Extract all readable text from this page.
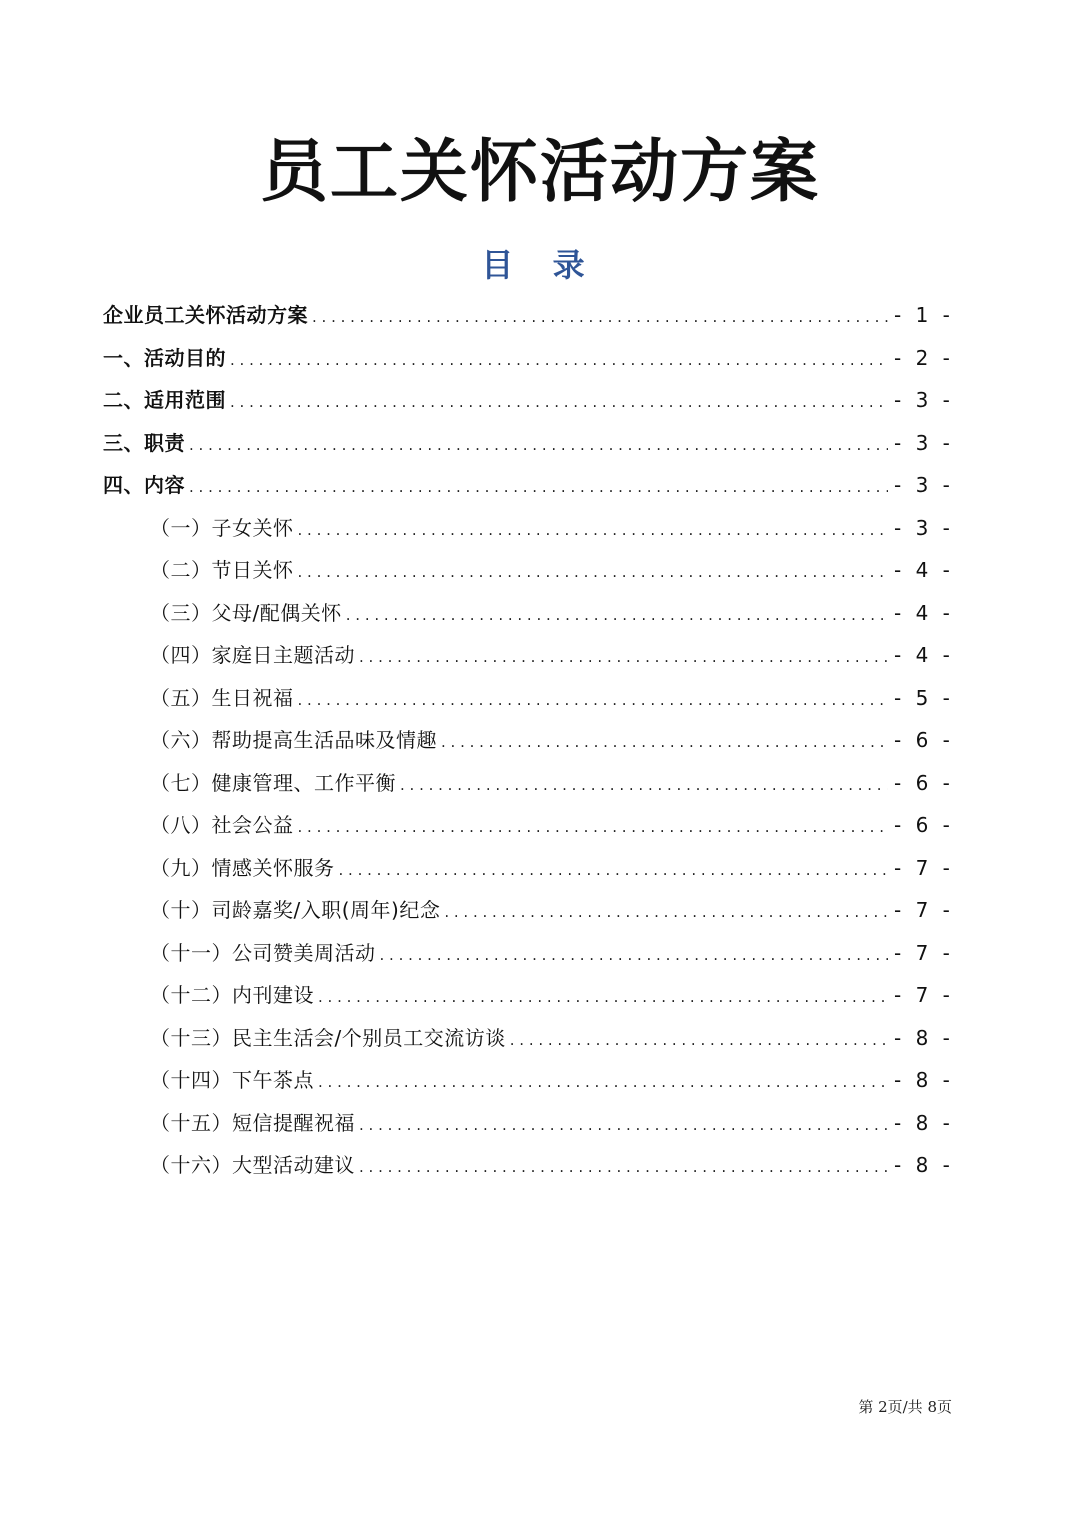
员工关怀活动方案
目 录
企业员工关怀活动方案 . . .	- 1 -
一、活动目的 . . .	- 2 -
二、适用范围 . . .	- 3 -
三、职责 . . .	- 3 -
四、内容 . . .	- 3 -
（一）子女关怀 . . .	- 3 -
（二）节日关怀 . . .	- 4 -
（三）父母/配偶关怀 . . .	- 4 -
（四）家庭日主题活动 . . .	- 4 -
（五）生日祝福 . . .	- 5 -
（六）帮助提高生活品味及情趣 . . .	- 6 -
（七）健康管理、工作平衡 . . .	- 6 -
（八）社会公益 . . .	- 6 -
（九）情感关怀服务 . . .	- 7 -
（十）司龄嘉奖/入职(周年)纪念 . . .	- 7 -
（十一）公司赞美周活动 . . .	- 7 -
（十二）内刊建设 . . .	- 7 -
（十三）民主生活会/个别员工交流访谈 . . .	- 8 -
（十四）下午茶点 . . .	- 8 -
（十五）短信提醒祝福 . . .	- 8 -
（十六）大型活动建议 . . .	- 8 -
第 2页/共 8页
